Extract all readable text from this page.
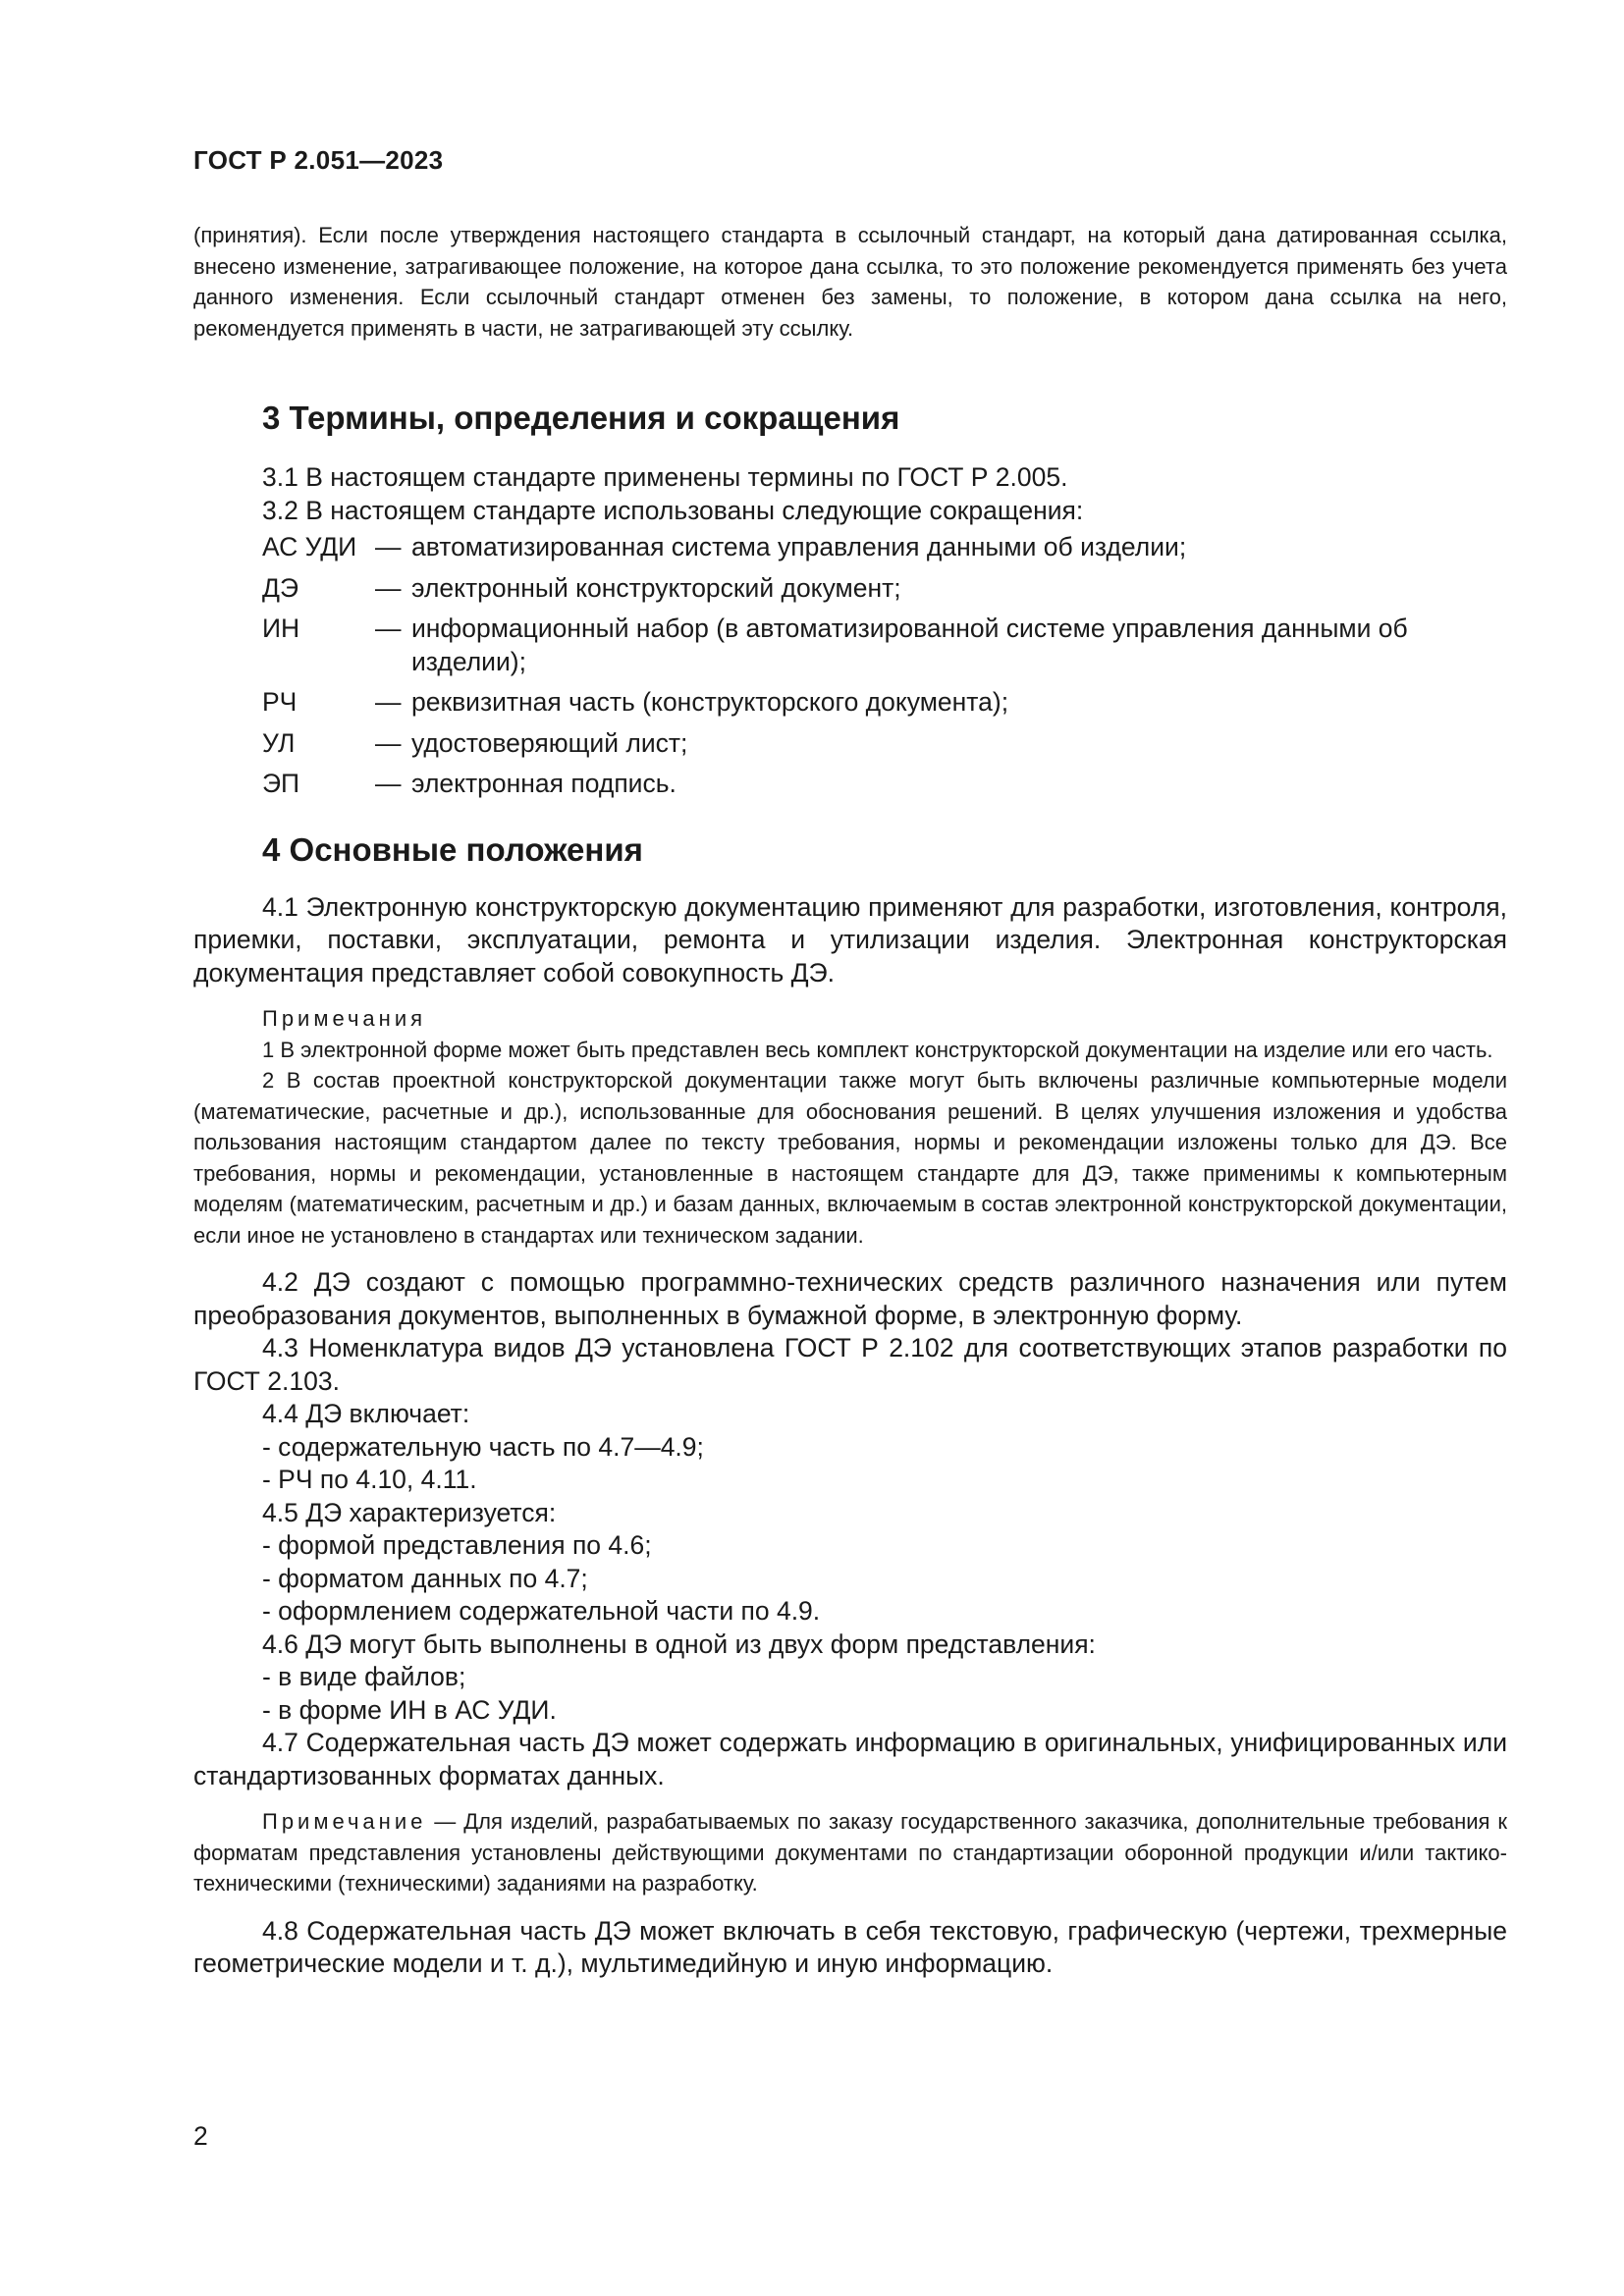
ГОСТ Р 2.051—2023

(принятия). Если после утверждения настоящего стандарта в ссылочный стандарт, на который дана датированная ссылка, внесено изменение, затрагивающее положение, на которое дана ссылка, то это положение рекомендуется применять без учета данного изменения. Если ссылочный стандарт отменен без замены, то положение, в котором дана ссылка на него, рекомендуется применять в части, не затрагивающей эту ссылку.

3 Термины, определения и сокращения

3.1 В настоящем стандарте применены термины по ГОСТ Р 2.005.

3.2 В настоящем стандарте использованы следующие сокращения:

АС УДИ	—	автоматизированная система управления данными об изделии;
ДЭ	—	электронный конструкторский документ;
ИН	—	информационный набор (в автоматизированной системе управления данными об изделии);
РЧ	—	реквизитная часть (конструкторского документа);
УЛ	—	удостоверяющий лист;
ЭП	—	электронная подпись.
4 Основные положения

4.1 Электронную конструкторскую документацию применяют для разработки, изготовления, контроля, приемки, поставки, эксплуатации, ремонта и утилизации изделия. Электронная конструкторская документация представляет собой совокупность ДЭ.

Примечания

1 В электронной форме может быть представлен весь комплект конструкторской документации на изделие или его часть.

2 В состав проектной конструкторской документации также могут быть включены различные компьютерные модели (математические, расчетные и др.), использованные для обоснования решений. В целях улучшения изложения и удобства пользования настоящим стандартом далее по тексту требования, нормы и рекомендации изложены только для ДЭ. Все требования, нормы и рекомендации, установленные в настоящем стандарте для ДЭ, также применимы к компьютерным моделям (математическим, расчетным и др.) и базам данных, включаемым в состав электронной конструкторской документации, если иное не установлено в стандартах или техническом задании.

4.2 ДЭ создают с помощью программно-технических средств различного назначения или путем преобразования документов, выполненных в бумажной форме, в электронную форму.

4.3 Номенклатура видов ДЭ установлена ГОСТ Р 2.102 для соответствующих этапов разработки по ГОСТ 2.103.

4.4 ДЭ включает:

- содержательную часть по 4.7—4.9;

- РЧ по 4.10, 4.11.

4.5 ДЭ характеризуется:

- формой представления по 4.6;

- форматом данных по 4.7;

- оформлением содержательной части по 4.9.

4.6 ДЭ могут быть выполнены в одной из двух форм представления:

- в виде файлов;

- в форме ИН в АС УДИ.

4.7 Содержательная часть ДЭ может содержать информацию в оригинальных, унифицированных или стандартизованных форматах данных.

Примечание — Для изделий, разрабатываемых по заказу государственного заказчика, дополнительные требования к форматам представления установлены действующими документами по стандартизации оборонной продукции и/или тактико-техническими (техническими) заданиями на разработку.

4.8 Содержательная часть ДЭ может включать в себя текстовую, графическую (чертежи, трехмерные геометрические модели и т. д.), мультимедийную и иную информацию.

2
